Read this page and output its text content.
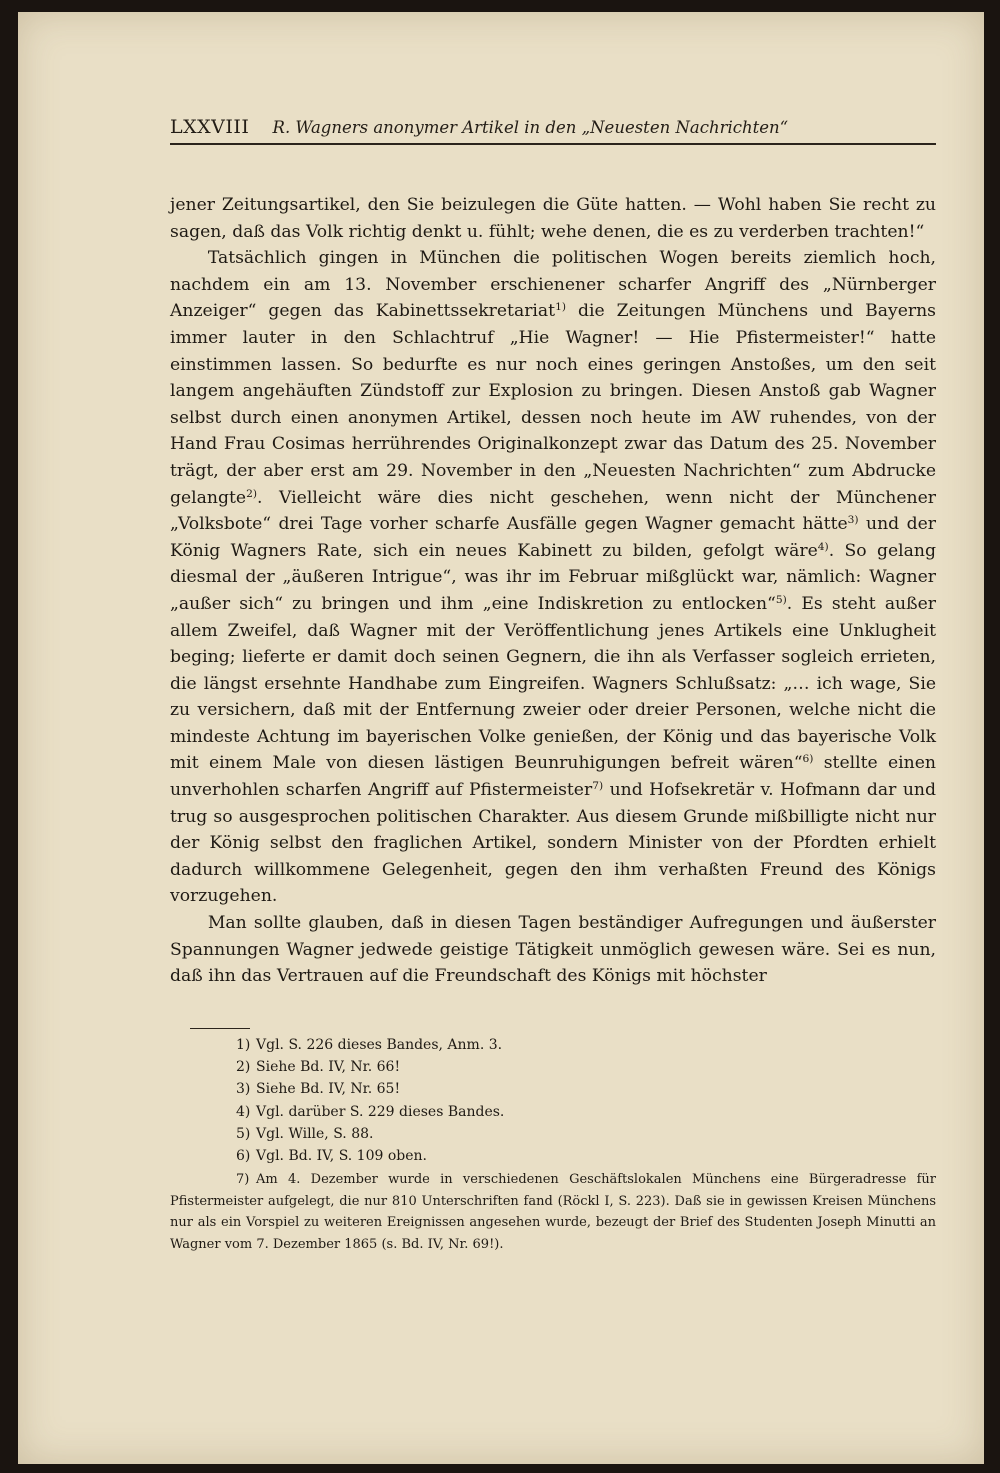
LXXVIII R. Wagners anonymer Artikel in den „Neuesten Nachrichten“

jener Zeitungsartikel, den Sie beizulegen die Güte hatten. — Wohl haben Sie recht zu sagen, daß das Volk richtig denkt u. fühlt; wehe denen, die es zu verderben trachten!“

Tatsächlich gingen in München die politischen Wogen bereits ziemlich hoch, nachdem ein am 13. November erschienener scharfer Angriff des „Nürnberger Anzeiger“ gegen das Kabinettssekretariat$^{1)}$ die Zeitungen Münchens und Bayerns immer lauter in den Schlachtruf „Hie Wagner! — Hie Pfistermeister!“ hatte einstimmen lassen. So bedurfte es nur noch eines geringen Anstoßes, um den seit langem angehäuften Zündstoff zur Explosion zu bringen. Diesen Anstoß gab Wagner selbst durch einen anonymen Artikel, dessen noch heute im AW ruhendes, von der Hand Frau Cosimas herrührendes Originalkonzept zwar das Datum des 25. November trägt, der aber erst am 29. November in den „Neuesten Nachrichten“ zum Abdrucke gelangte$^{2)}$. Vielleicht wäre dies nicht geschehen, wenn nicht der Münchener „Volksbote“ drei Tage vorher scharfe Ausfälle gegen Wagner gemacht hätte$^{3)}$ und der König Wagners Rate, sich ein neues Kabinett zu bilden, gefolgt wäre$^{4)}$. So gelang diesmal der „äußeren Intrigue“, was ihr im Februar mißglückt war, nämlich: Wagner „außer sich“ zu bringen und ihm „eine Indiskretion zu entlocken“$^{5)}$. Es steht außer allem Zweifel, daß Wagner mit der Veröffentlichung jenes Artikels eine Unklugheit beging; lieferte er damit doch seinen Gegnern, die ihn als Verfasser sogleich errieten, die längst ersehnte Handhabe zum Eingreifen. Wagners Schlußsatz: „… ich wage, Sie zu versichern, daß mit der Entfernung zweier oder dreier Personen, welche nicht die mindeste Achtung im bayerischen Volke genießen, der König und das bayerische Volk mit einem Male von diesen lästigen Beunruhigungen befreit wären“$^{6)}$ stellte einen unverhohlen scharfen Angriff auf Pfistermeister$^{7)}$ und Hofsekretär v. Hofmann dar und trug so ausgesprochen politischen Charakter. Aus diesem Grunde mißbilligte nicht nur der König selbst den fraglichen Artikel, sondern Minister von der Pfordten erhielt dadurch willkommene Gelegenheit, gegen den ihm verhaßten Freund des Königs vorzugehen.

Man sollte glauben, daß in diesen Tagen beständiger Aufregungen und äußerster Spannungen Wagner jedwede geistige Tätigkeit unmöglich gewesen wäre. Sei es nun, daß ihn das Vertrauen auf die Freundschaft des Königs mit höchster

1) Vgl. S. 226 dieses Bandes, Anm. 3.
2) Siehe Bd. IV, Nr. 66!
3) Siehe Bd. IV, Nr. 65!
4) Vgl. darüber S. 229 dieses Bandes.
5) Vgl. Wille, S. 88.
6) Vgl. Bd. IV, S. 109 oben.
7) Am 4. Dezember wurde in verschiedenen Geschäftslokalen Münchens eine Bürgeradresse für Pfistermeister aufgelegt, die nur 810 Unterschriften fand (Röckl I, S. 223). Daß sie in gewissen Kreisen Münchens nur als ein Vorspiel zu weiteren Ereignissen angesehen wurde, bezeugt der Brief des Studenten Joseph Minutti an Wagner vom 7. Dezember 1865 (s. Bd. IV, Nr. 69!).
